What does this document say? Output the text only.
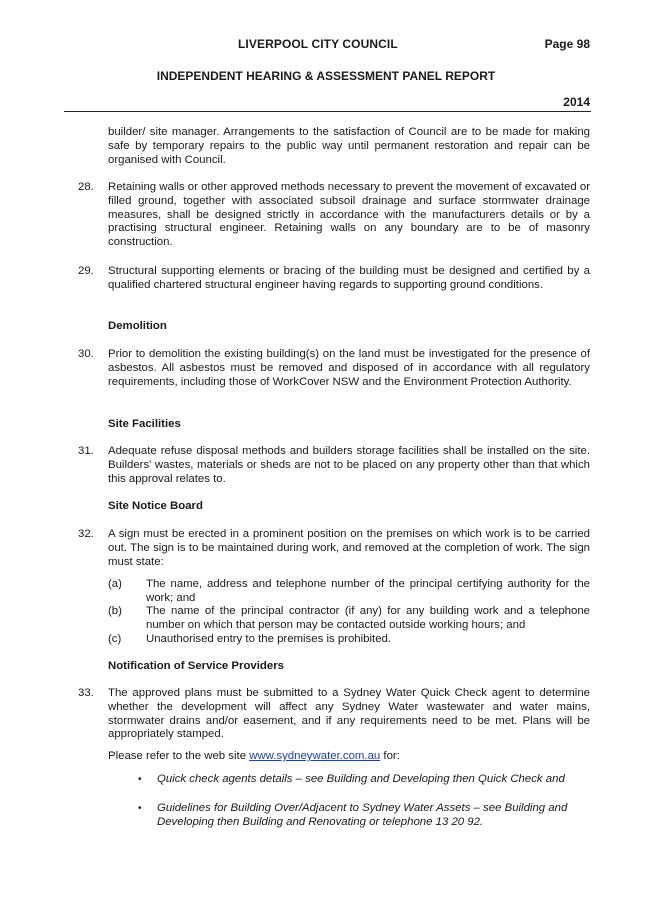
LIVERPOOL CITY COUNCIL	Page 98
INDEPENDENT HEARING & ASSESSMENT PANEL REPORT
2014
builder/ site manager. Arrangements to the satisfaction of Council are to be made for making safe by temporary repairs to the public way until permanent restoration and repair can be organised with Council.
28. Retaining walls or other approved methods necessary to prevent the movement of excavated or filled ground, together with associated subsoil drainage and surface stormwater drainage measures, shall be designed strictly in accordance with the manufacturers details or by a practising structural engineer. Retaining walls on any boundary are to be of masonry construction.
29. Structural supporting elements or bracing of the building must be designed and certified by a qualified chartered structural engineer having regards to supporting ground conditions.
Demolition
30. Prior to demolition the existing building(s) on the land must be investigated for the presence of asbestos. All asbestos must be removed and disposed of in accordance with all regulatory requirements, including those of WorkCover NSW and the Environment Protection Authority.
Site Facilities
31. Adequate refuse disposal methods and builders storage facilities shall be installed on the site. Builders' wastes, materials or sheds are not to be placed on any property other than that which this approval relates to.
Site Notice Board
32. A sign must be erected in a prominent position on the premises on which work is to be carried out. The sign is to be maintained during work, and removed at the completion of work. The sign must state:
(a) The name, address and telephone number of the principal certifying authority for the work; and
(b) The name of the principal contractor (if any) for any building work and a telephone number on which that person may be contacted outside working hours; and
(c) Unauthorised entry to the premises is prohibited.
Notification of Service Providers
33. The approved plans must be submitted to a Sydney Water Quick Check agent to determine whether the development will affect any Sydney Water wastewater and water mains, stormwater drains and/or easement, and if any requirements need to be met. Plans will be appropriately stamped.
Please refer to the web site www.sydneywater.com.au for:
• Quick check agents details – see Building and Developing then Quick Check and
• Guidelines for Building Over/Adjacent to Sydney Water Assets – see Building and Developing then Building and Renovating or telephone 13 20 92.
